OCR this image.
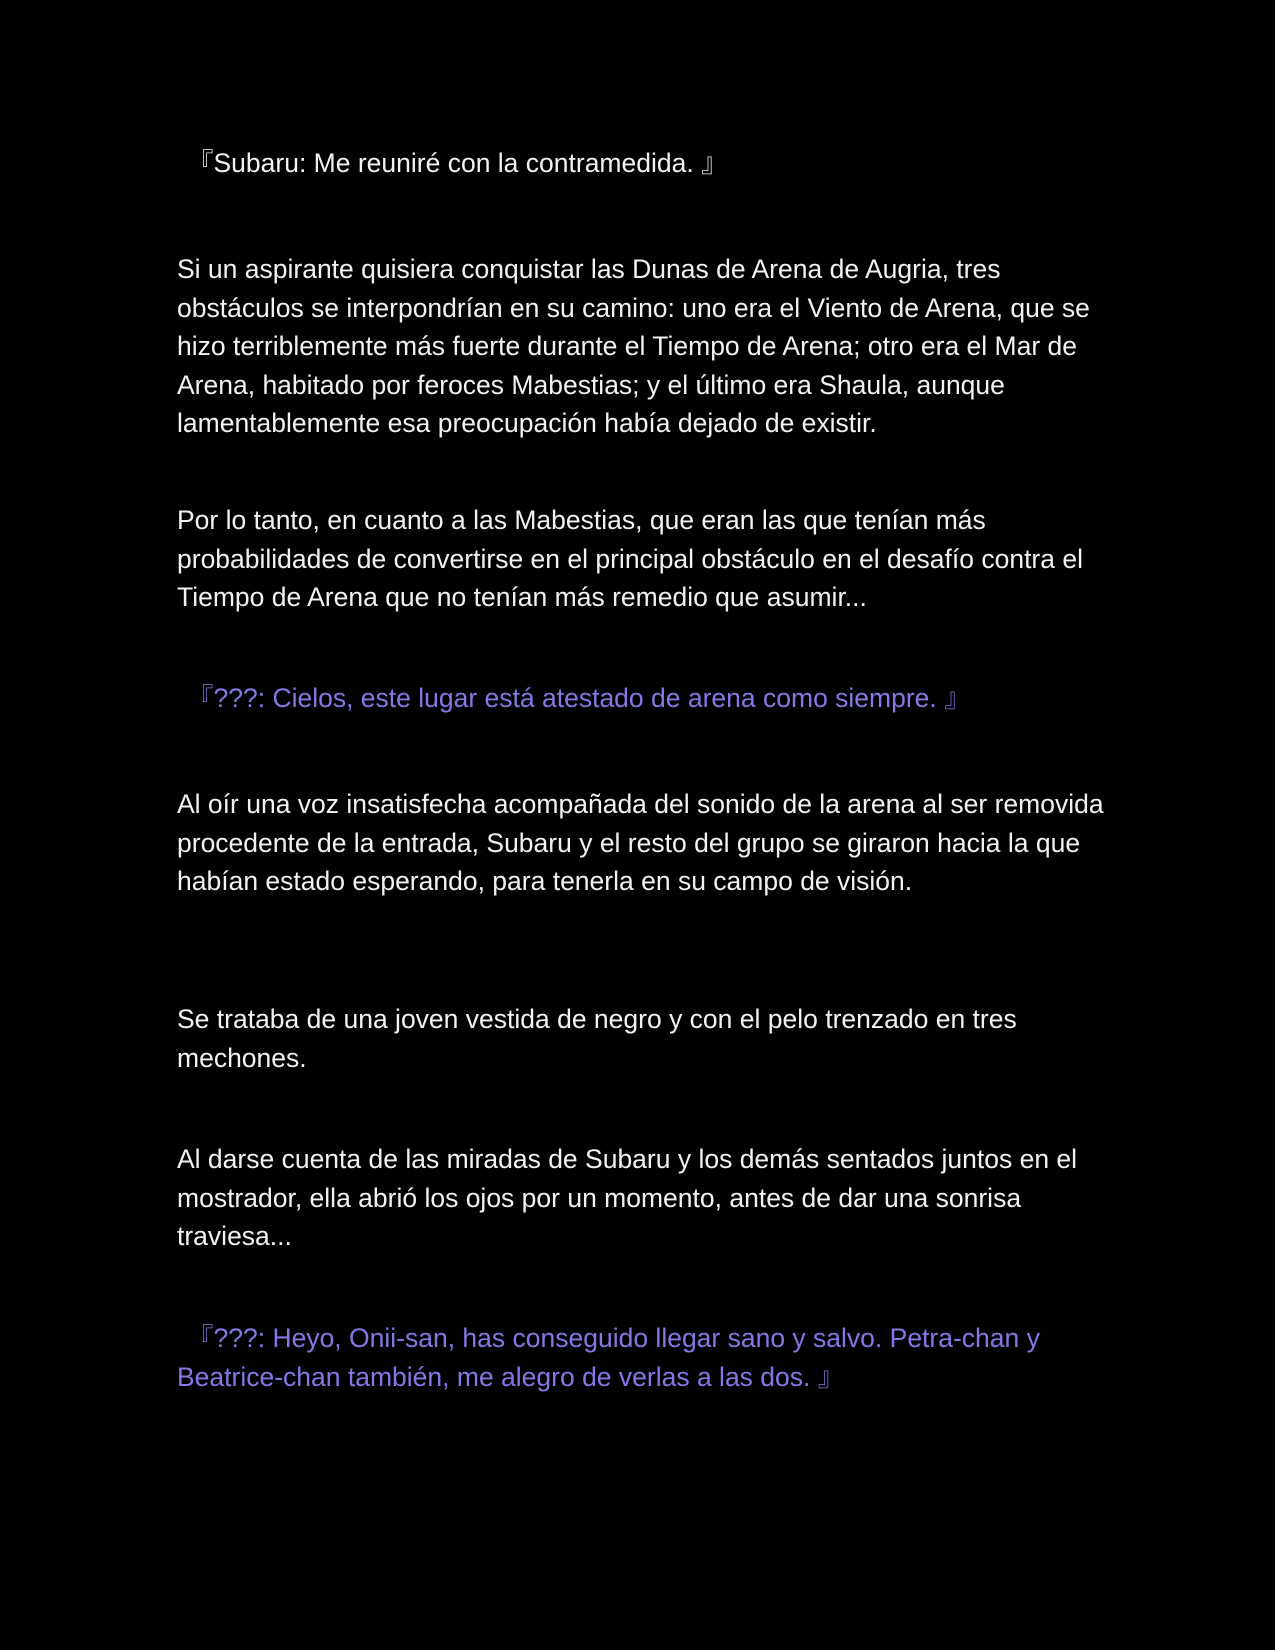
『Subaru: Me reuniré con la contramedida. 』

Si un aspirante quisiera conquistar las Dunas de Arena de Augria, tres obstáculos se interpondrían en su camino: uno era el Viento de Arena, que se hizo terriblemente más fuerte durante el Tiempo de Arena; otro era el Mar de Arena, habitado por feroces Mabestias; y el último era Shaula, aunque lamentablemente esa preocupación había dejado de existir.

Por lo tanto, en cuanto a las Mabestias, que eran las que tenían más probabilidades de convertirse en el principal obstáculo en el desafío contra el Tiempo de Arena que no tenían más remedio que asumir...

『???: Cielos, este lugar está atestado de arena como siempre. 』

Al oír una voz insatisfecha acompañada del sonido de la arena al ser removida procedente de la entrada, Subaru y el resto del grupo se giraron hacia la que habían estado esperando, para tenerla en su campo de visión.

Se trataba de una joven vestida de negro y con el pelo trenzado en tres mechones.

Al darse cuenta de las miradas de Subaru y los demás sentados juntos en el mostrador, ella abrió los ojos por un momento, antes de dar una sonrisa traviesa...

『???: Heyo, Onii-san, has conseguido llegar sano y salvo. Petra-chan y Beatrice-chan también, me alegro de verlas a las dos. 』
